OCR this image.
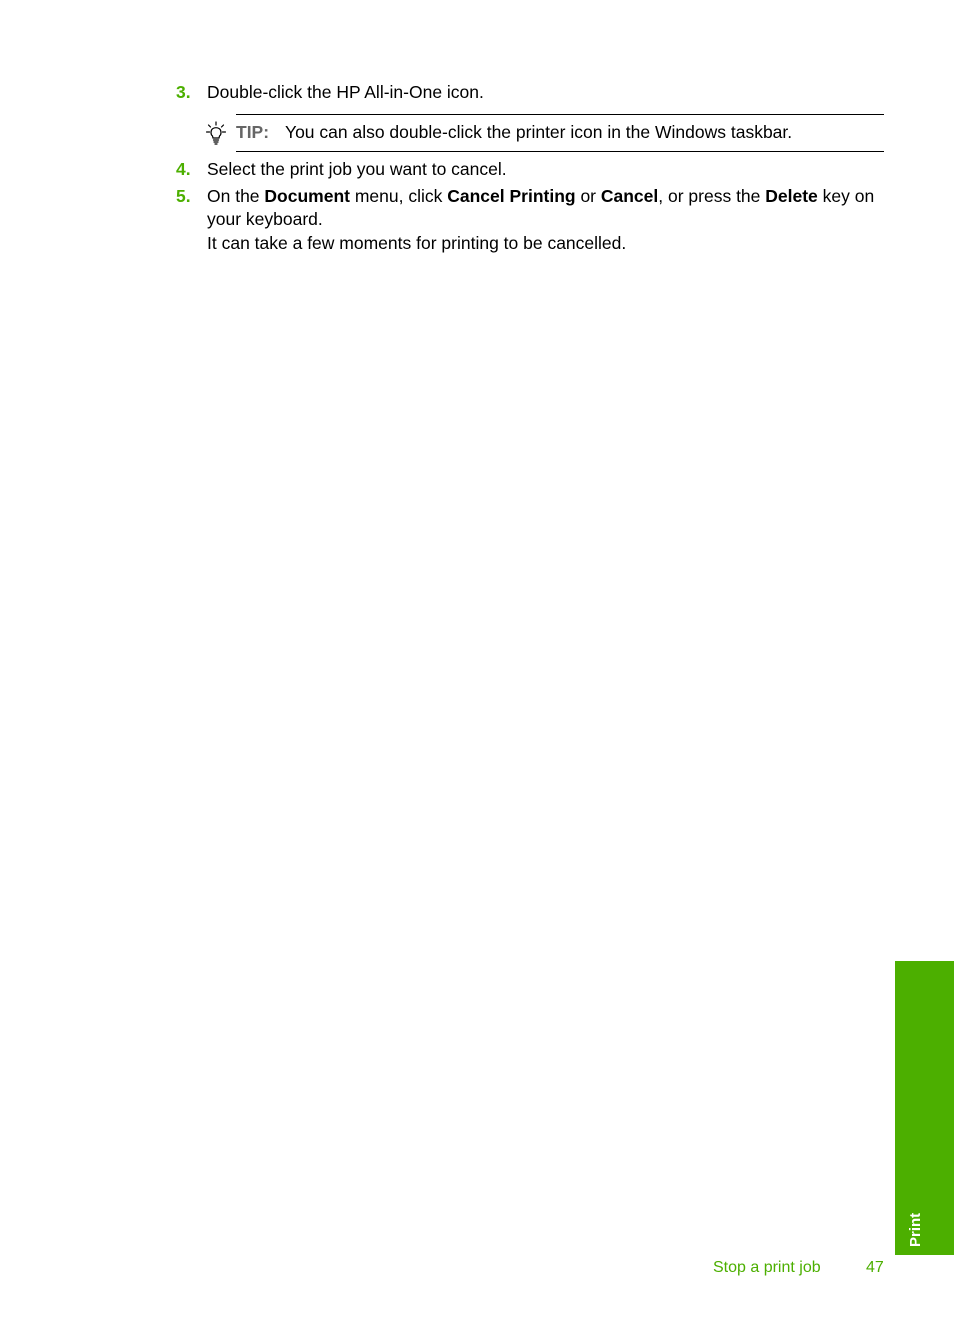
3. Double-click the HP All-in-One icon.
TIP: You can also double-click the printer icon in the Windows taskbar.
4. Select the print job you want to cancel.
5. On the Document menu, click Cancel Printing or Cancel, or press the Delete key on your keyboard.
It can take a few moments for printing to be cancelled.
Print
Stop a print job	47
